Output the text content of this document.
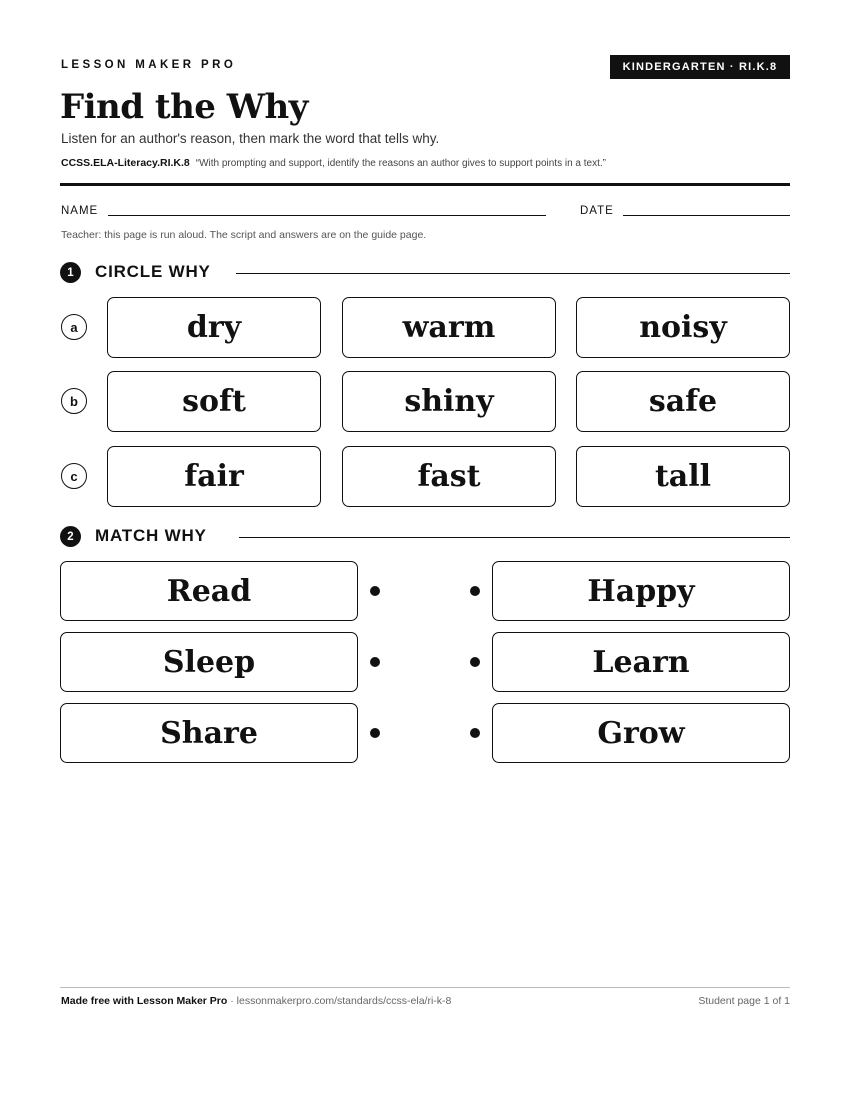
LESSON MAKER PRO	KINDERGARTEN · RI.K.8
Find the Why
Listen for an author's reason, then mark the word that tells why.
CCSS.ELA-Literacy.RI.K.8 “With prompting and support, identify the reasons an author gives to support points in a text.”
NAME	DATE
Teacher: this page is run aloud. The script and answers are on the guide page.
1	CIRCLE WHY
a	dry	warm	noisy
b	soft	shiny	safe
c	fair	fast	tall
2	MATCH WHY
Read	Happy
Sleep	Learn
Share	Grow
Made free with Lesson Maker Pro · lessonmakerpro.com/standards/ccss-ela/ri-k-8	Student page 1 of 1
